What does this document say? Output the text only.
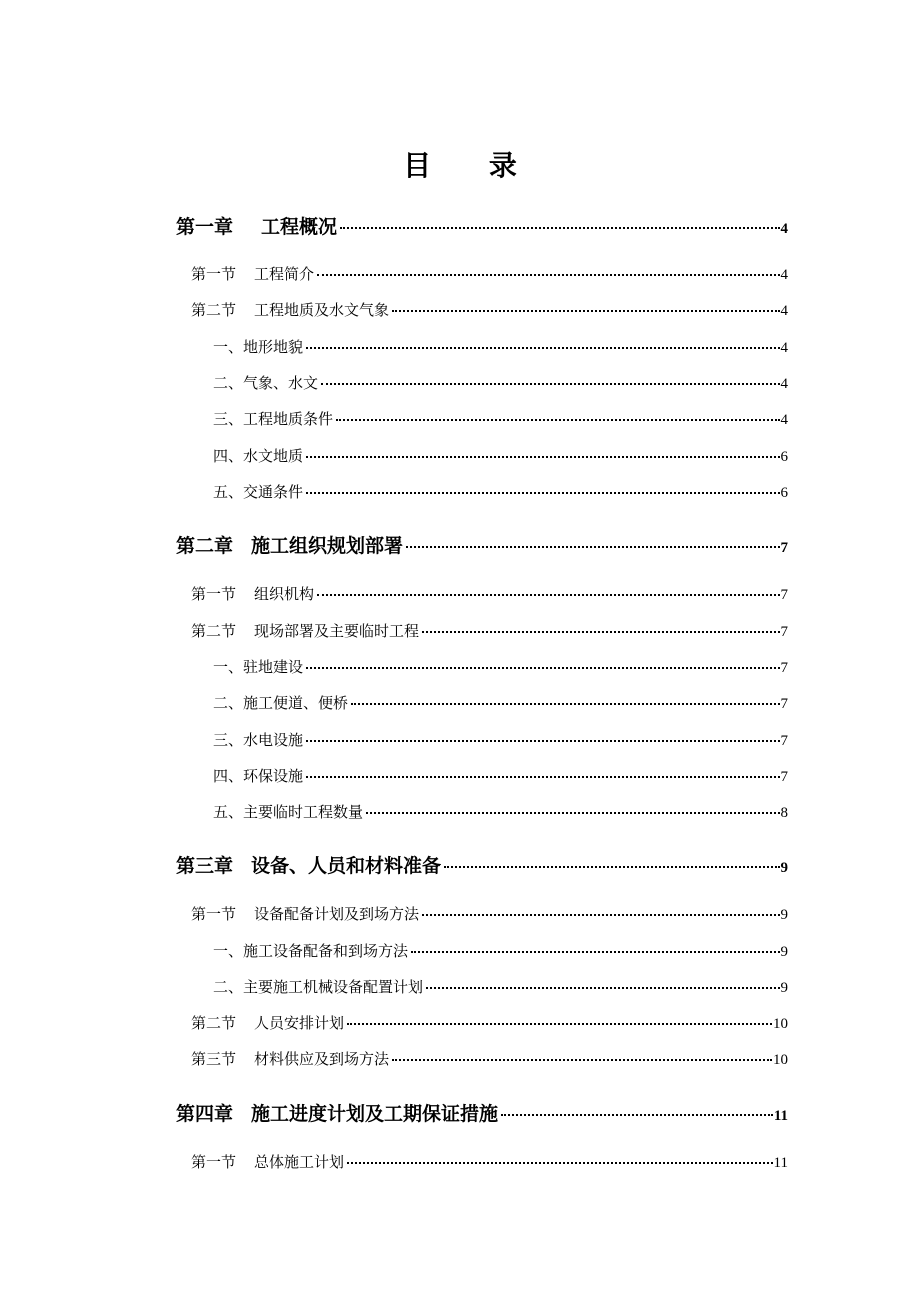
目 录
第一章 工程概况	4
第一节 工程简介	4
第二节 工程地质及水文气象	4
一、地形地貌	4
二、气象、水文	4
三、工程地质条件	4
四、水文地质	6
五、交通条件	6
第二章 施工组织规划部署	7
第一节 组织机构	7
第二节 现场部署及主要临时工程	7
一、驻地建设	7
二、施工便道、便桥	7
三、水电设施	7
四、环保设施	7
五、主要临时工程数量	8
第三章 设备、人员和材料准备	9
第一节 设备配备计划及到场方法	9
一、施工设备配备和到场方法	9
二、主要施工机械设备配置计划	9
第二节 人员安排计划	10
第三节 材料供应及到场方法	10
第四章 施工进度计划及工期保证措施	11
第一节 总体施工计划	11
